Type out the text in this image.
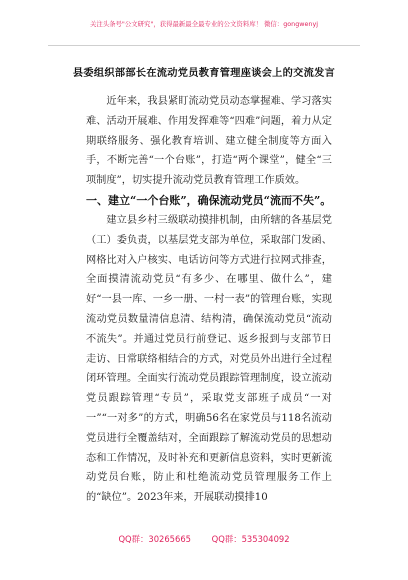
关注头条号"公文研究"，获得最新最全最专业的公文资料库！ 微信：gongwenyj
县委组织部部长在流动党员教育管理座谈会上的交流发言

近年来，我县紧盯流动党员动态掌握难、学习落实难、活动开展难、作用发挥难等“四难”问题，着力从定期联络服务、强化教育培训、建立健全制度等方面入手，不断完善“一个台账”，打造“两个课堂”，健全“三项制度”，切实提升流动党员教育管理工作质效。

一、建立“一个台账”，确保流动党员“流而不失”。

建立县乡村三级联动摸排机制，由所辖的各基层党（工）委负责，以基层党支部为单位，采取部门发函、网格比对入户核实、电话访问等方式进行拉网式排查，全面摸清流动党员“有多少、在哪里、做什么”，建好“一县一库、一乡一册、一村一表”的管理台账，实现流动党员数量清信息清、结构清，确保流动党员“流动不流失”。并通过党员行前登记、返乡报到与支部节日走访、日常联络相结合的方式，对党员外出进行全过程闭环管理。全面实行流动党员跟踪管理制度，设立流动党员跟踪管理“专员”，采取党支部班子成员“一对一”“一对多”的方式，明确56名在家党员与118名流动党员进行全覆盖结对，全面跟踪了解流动党员的思想动态和工作情况，及时补充和更新信息资料，实时更新流动党员台账，防止和杜绝流动党员管理服务工作上的“缺位”。2023年来，开展联动摸排10

QQ群：30265665 QQ群：535304092
